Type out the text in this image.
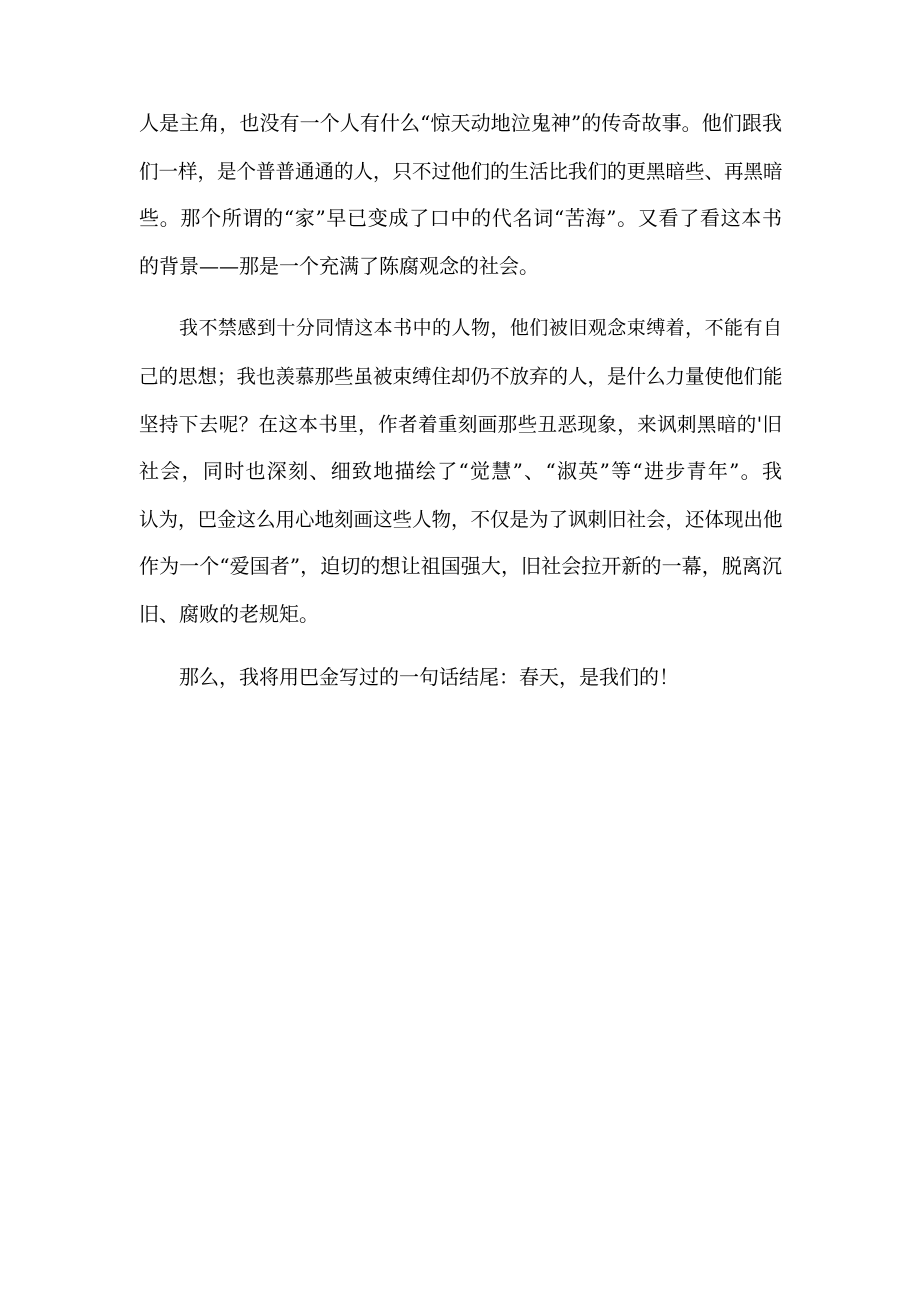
人是主角，也没有一个人有什么“惊天动地泣鬼神”的传奇故事。他们跟我
们一样，是个普普通通的人，只不过他们的生活比我们的更黑暗些、再黑暗
些。那个所谓的“家”早已变成了口中的代名词“苦海”。又看了看这本书
的背景——那是一个充满了陈腐观念的社会。
我不禁感到十分同情这本书中的人物，他们被旧观念束缚着，不能有自
己的思想；我也羡慕那些虽被束缚住却仍不放弃的人，是什么力量使他们能
坚持下去呢？在这本书里，作者着重刻画那些丑恶现象，来讽刺黑暗的'旧
社会，同时也深刻、细致地描绘了“觉慧”、“淑英”等“进步青年”。我
认为，巴金这么用心地刻画这些人物，不仅是为了讽刺旧社会，还体现出他
作为一个“爱国者”，迫切的想让祖国强大，旧社会拉开新的一幕，脱离沉
旧、腐败的老规矩。
那么，我将用巴金写过的一句话结尾：春天，是我们的！
